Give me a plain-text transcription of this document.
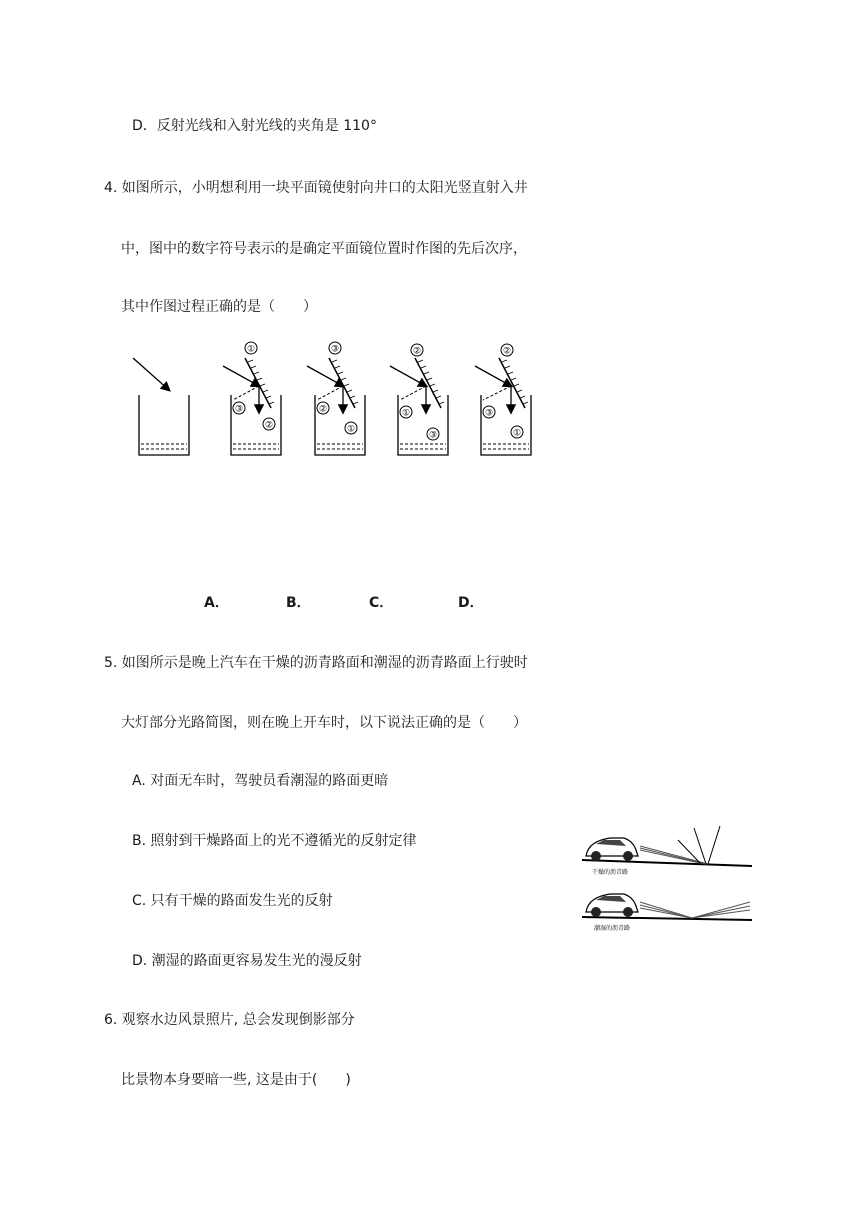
D．反射光线和入射光线的夹角是 110°
4. 如图所示，小明想利用一块平面镜使射向井口的太阳光竖直射入井
中，图中的数字符号表示的是确定平面镜位置时作图的先后次序，
其中作图过程正确的是（　　）
①
③
②
③
②
①
②
①
③
②
③
①
A．	B．	C．	D．
5. 如图所示是晚上汽车在干燥的沥青路面和潮湿的沥青路面上行驶时
大灯部分光路简图，则在晚上开车时，以下说法正确的是（　　）
A. 对面无车时，驾驶员看潮湿的路面更暗
B. 照射到干燥路面上的光不遵循光的反射定律
C. 只有干燥的路面发生光的反射
D. 潮湿的路面更容易发生光的漫反射
干燥的沥青路
潮湿的沥青路
6. 观察水边风景照片, 总会发现倒影部分
比景物本身要暗一些, 这是由于(　　)
